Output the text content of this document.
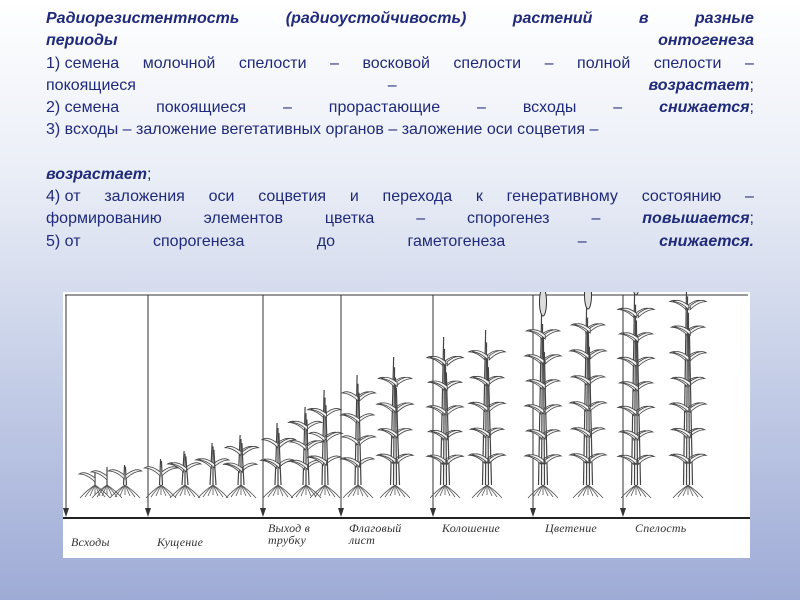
Радиорезистентность	(радиоустойчивость)	растений	в	разные
периоды	онтогенеза
1) семена молочной спелости – восковой спелости – полной спелости –
покоящиеся	–	возрастает;
2) семена покоящиеся – прорастающие – всходы – снижается;
3) всходы – заложение вегетативных органов – заложение оси соцветия –
возрастает;
4) от заложения оси соцветия и перехода к генеративному состоянию –
формированию	элементов	цветка	–	спорогенез	–	повышается;
5) от	спорогенеза	до	гаметогенеза	–	снижается.
Всходы	Кущение
Выход в
трубку
Флаговый
лист
Колошение	Цветение	Спелость
